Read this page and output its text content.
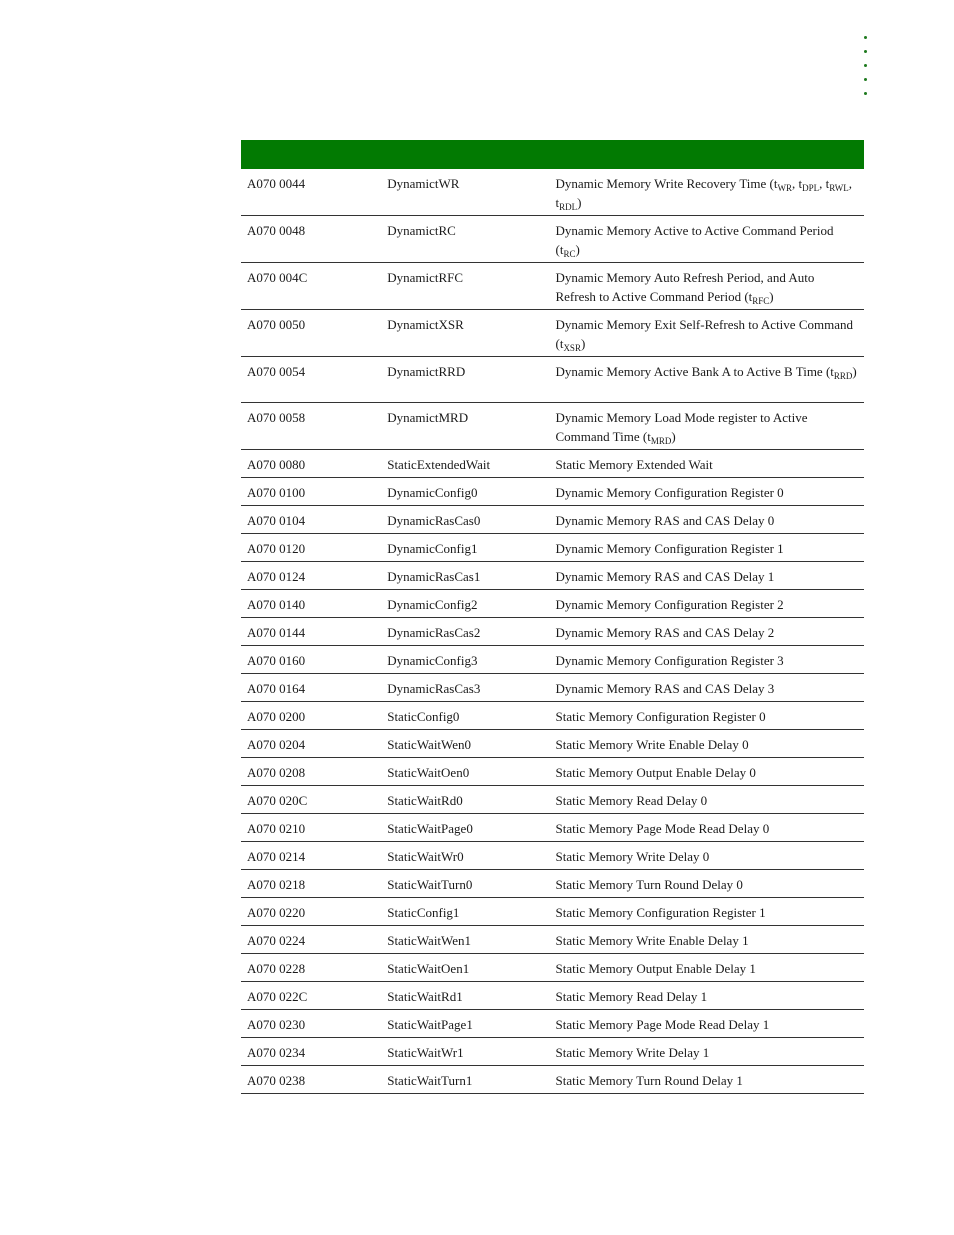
A070 0044	DynamictWR	Dynamic Memory Write Recovery Time ($t_{WR}$, $t_{DPL}$, $t_{RWL}$, $t_{RDL}$)
A070 0048	DynamictRC	Dynamic Memory Active to Active Command Period $(t_{RC})$
A070 004C	DynamictRFC	Dynamic Memory Auto Refresh Period, and Auto Refresh to Active Command Period $(t_{RFC})$
A070 0050	DynamictXSR	Dynamic Memory Exit Self-Refresh to Active Command $(t_{XSR})$
A070 0054	DynamictRRD	Dynamic Memory Active Bank A to Active B Time $(t_{RRD})$
A070 0058	DynamictMRD	Dynamic Memory Load Mode register to Active Command Time $(t_{MRD})$
A070 0080	StaticExtendedWait	Static Memory Extended Wait
A070 0100	DynamicConfig0	Dynamic Memory Configuration Register 0
A070 0104	DynamicRasCas0	Dynamic Memory RAS and CAS Delay 0
A070 0120	DynamicConfig1	Dynamic Memory Configuration Register 1
A070 0124	DynamicRasCas1	Dynamic Memory RAS and CAS Delay 1
A070 0140	DynamicConfig2	Dynamic Memory Configuration Register 2
A070 0144	DynamicRasCas2	Dynamic Memory RAS and CAS Delay 2
A070 0160	DynamicConfig3	Dynamic Memory Configuration Register 3
A070 0164	DynamicRasCas3	Dynamic Memory RAS and CAS Delay 3
A070 0200	StaticConfig0	Static Memory Configuration Register 0
A070 0204	StaticWaitWen0	Static Memory Write Enable Delay 0
A070 0208	StaticWaitOen0	Static Memory Output Enable Delay 0
A070 020C	StaticWaitRd0	Static Memory Read Delay 0
A070 0210	StaticWaitPage0	Static Memory Page Mode Read Delay 0
A070 0214	StaticWaitWr0	Static Memory Write Delay 0
A070 0218	StaticWaitTurn0	Static Memory Turn Round Delay 0
A070 0220	StaticConfig1	Static Memory Configuration Register 1
A070 0224	StaticWaitWen1	Static Memory Write Enable Delay 1
A070 0228	StaticWaitOen1	Static Memory Output Enable Delay 1
A070 022C	StaticWaitRd1	Static Memory Read Delay 1
A070 0230	StaticWaitPage1	Static Memory Page Mode Read Delay 1
A070 0234	StaticWaitWr1	Static Memory Write Delay 1
A070 0238	StaticWaitTurn1	Static Memory Turn Round Delay 1
